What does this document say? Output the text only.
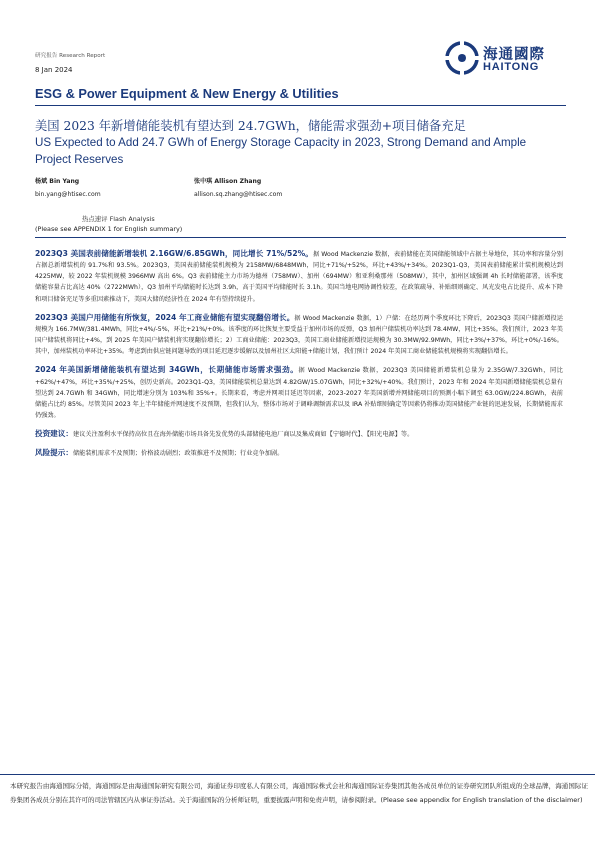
研究报告 Research Report
8 Jan 2024
海通國際
HAITONG
ESG & Power Equipment & New Energy & Utilities
美国 2023 年新增储能装机有望达到 24.7GWh，储能需求强劲+项目储备充足
US Expected to Add 24.7 GWh of Energy Storage Capacity in 2023, Strong Demand and Ample Project Reserves
杨斌 Bin Yang
bin.yang@htisec.com
张中琪 Allison Zhang
allison.sq.zhang@htisec.com
热点速评 Flash Analysis
(Please see APPENDIX 1 for English summary)

2023Q3 美国表前储能新增装机 2.16GW/6.85GWh，同比增长 71%/52%。据 Wood Mackenzie 数据，表前储能在美国储能领域中占据主导地位，其功率和容量分别占据总新增装机的 91.7%和 93.5%。2023Q3，美国表前储能装机规模为 2158MW/6848MWh，同比+71%/+52%，环比+43%/+34%。2023Q1-Q3，美国表前储能累计装机规模达到 4225MW，较 2022 年装机规模 3966MW 高出 6%。Q3 表前储能主力市场为德州（758MW）、加州（694MW）和亚利桑那州（508MW），其中，加州区域强调 4h 长时储能部署，该季度储能容量占比高达 40%（2722MWh），Q3 加州平均储能时长达到 3.9h，高于美国平均储能时长 3.1h。美国当地电网协调性较差，在政策疏导、补贴细则确定、风光发电占比提升、成本下降和项目储备充足等多重因素推动下，美国大储的经济性在 2024 年有望持续提升。

2023Q3 美国户用储能有所恢复，2024 年工商业储能有望实现翻倍增长。据 Wood Mackenzie 数据，1）户储：在经历两个季度环比下降后，2023Q3 美国户储新增投运规模为 166.7MW/381.4MWh，同比+4%/-5%，环比+21%/+0%。该季度的环比恢复主要受益于加州市场的反弹，Q3 加州户储装机功率达到 78.4MW，同比+35%。我们预计，2023 年美国户储装机将同比+4%，到 2025 年美国户储装机将实现翻倍增长；2）工商业储能：2023Q3，美国工商业储能新增投运规模为 30.3MW/92.9MWh，同比+3%/+37%，环比+0%/-16%。其中，加州装机功率环比+35%。考虑到由供应链问题导致的项目延迟逐步缓解以及加州社区太阳能+储能计划，我们预计 2024 年美国工商业储能装机规模将实现翻倍增长。

2024 年美国新增储能装机有望达到 34GWh，长期储能市场需求强劲。据 Wood Mackenzie 数据，2023Q3 美国储能新增装机总量为 2.35GW/7.32GWh，同比+62%/+47%，环比+35%/+25%，创历史新高。2023Q1-Q3，美国储能装机总量达到 4.82GW/15.07GWh，同比+32%/+40%。我们预计，2023 年和 2024 年美国新增储能装机总量有望达到 24.7GWh 和 34GWh，同比增速分别为 103%和 35%+。长期来看，考虑并网项目延迟等因素，2023-2027 年美国新增并网储能项目的预测小幅下调至 63.0GW/224.8GWh，表前储能占比约 85%。尽管美国 2023 年上半年储能并网速度不及预期，但我们认为，整体市场对于调峰调频需求以及 IRA 补贴细则确定等因素仍将推动美国储能产业链的迅速发展，长期储能需求仍强劲。

投资建议：建议关注盈利水平保持高位且在海外储能市场具备先发优势的头部储能电池厂商以及集成商如【宁德时代】、【阳光电源】等。

风险提示：储能装机需求不及预期；价格波动剧烈；政策推进不及预期；行业竞争加剧。

本研究报告由海通国际分销，海通国际是由海通国际研究有限公司，海通证券印度私人有限公司，海通国际株式会社和海通国际证券集团其他各成员单位的证券研究团队所组成的全球品牌，海通国际证券集团各成员分别在其许可的司法管辖区内从事证券活动。关于海通国际的分析师证明，重要披露声明和免责声明，请参阅附录。(Please see appendix for English translation of the disclaimer)
